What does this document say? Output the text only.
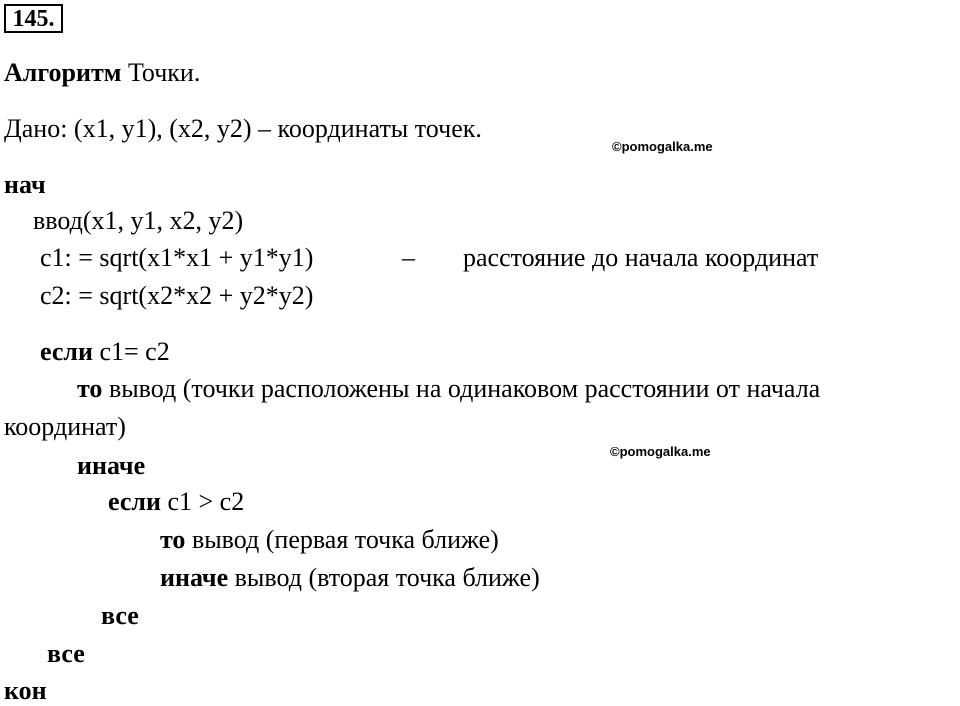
145.
Алгоритм Точки.
Дано: (x1, y1), (x2, y2) – координаты точек.
©pomogalka.me
нач
ввод(x1, y1, x2, y2)
c1: = sqrt(x1*x1 + y1*y1)	– расстояние до начала координат
c2: = sqrt(x2*x2 + y2*y2)
если c1= c2
то вывод (точки расположены на одинаковом расстоянии от начала
координат)
©pomogalka.me
иначе
если c1 > c2
то вывод (первая точка ближе)
иначе вывод (вторая точка ближе)
все
все
кон
